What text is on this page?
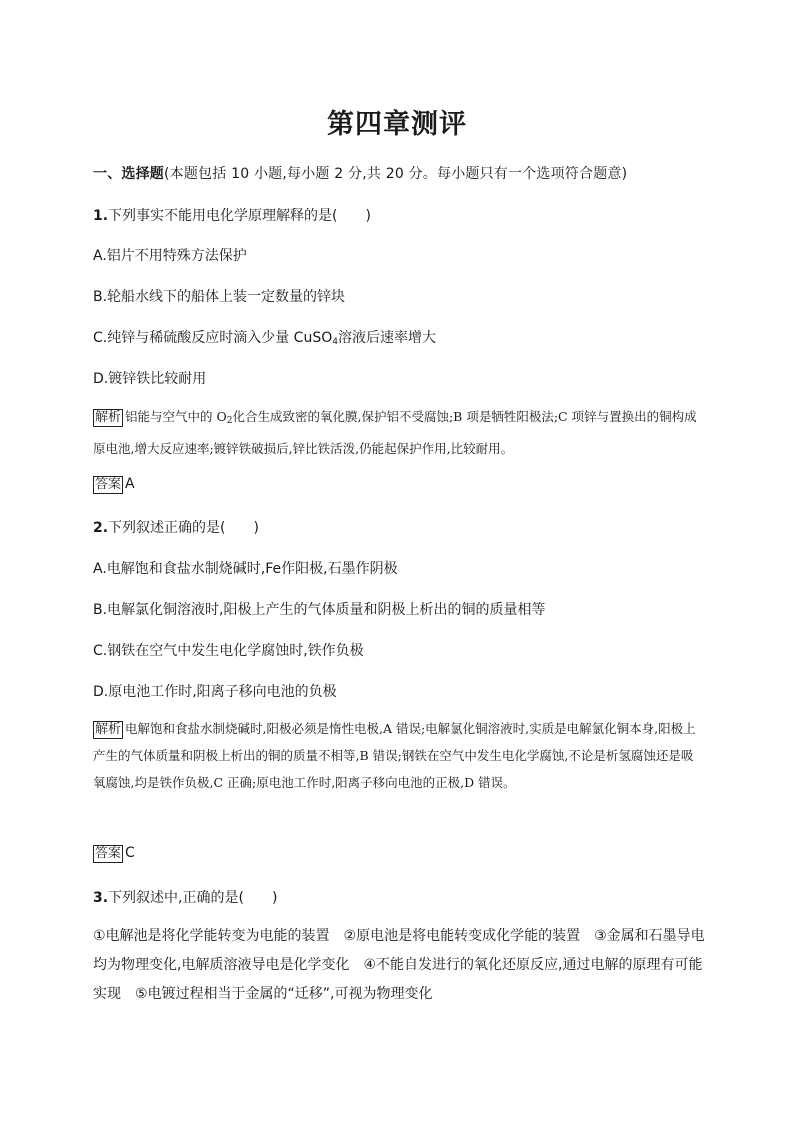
第四章测评
一、选择题(本题包括 10 小题,每小题 2 分,共 20 分。每小题只有一个选项符合题意)
1.下列事实不能用电化学原理解释的是(　　)
A.铝片不用特殊方法保护
B.轮船水线下的船体上装一定数量的锌块
C.纯锌与稀硫酸反应时滴入少量 CuSO$_4$溶液后速率增大
D.镀锌铁比较耐用
解析 铝能与空气中的 $O_2$化合生成致密的氧化膜,保护铝不受腐蚀;B 项是牺牲阳极法;C 项锌与置换出的铜构成原电池,增大反应速率;镀锌铁破损后,锌比铁活泼,仍能起保护作用,比较耐用。
答案 A
2.下列叙述正确的是(　　)
A.电解饱和食盐水制烧碱时,Fe作阳极,石墨作阴极
B.电解氯化铜溶液时,阳极上产生的气体质量和阴极上析出的铜的质量相等
C.钢铁在空气中发生电化学腐蚀时,铁作负极
D.原电池工作时,阳离子移向电池的负极
解析 电解饱和食盐水制烧碱时,阳极必须是惰性电极,A 错误;电解氯化铜溶液时,实质是电解氯化铜本身,阳极上产生的气体质量和阴极上析出的铜的质量不相等,B 错误;钢铁在空气中发生电化学腐蚀,不论是析氢腐蚀还是吸氧腐蚀,均是铁作负极,C 正确;原电池工作时,阳离子移向电池的正极,D 错误。
答案 C
3.下列叙述中,正确的是(　　)
①电解池是将化学能转变为电能的装置　②原电池是将电能转变成化学能的装置　③金属和石墨导电均为物理变化,电解质溶液导电是化学变化　④不能自发进行的氧化还原反应,通过电解的原理有可能实现　⑤电镀过程相当于金属的“迁移”,可视为物理变化
